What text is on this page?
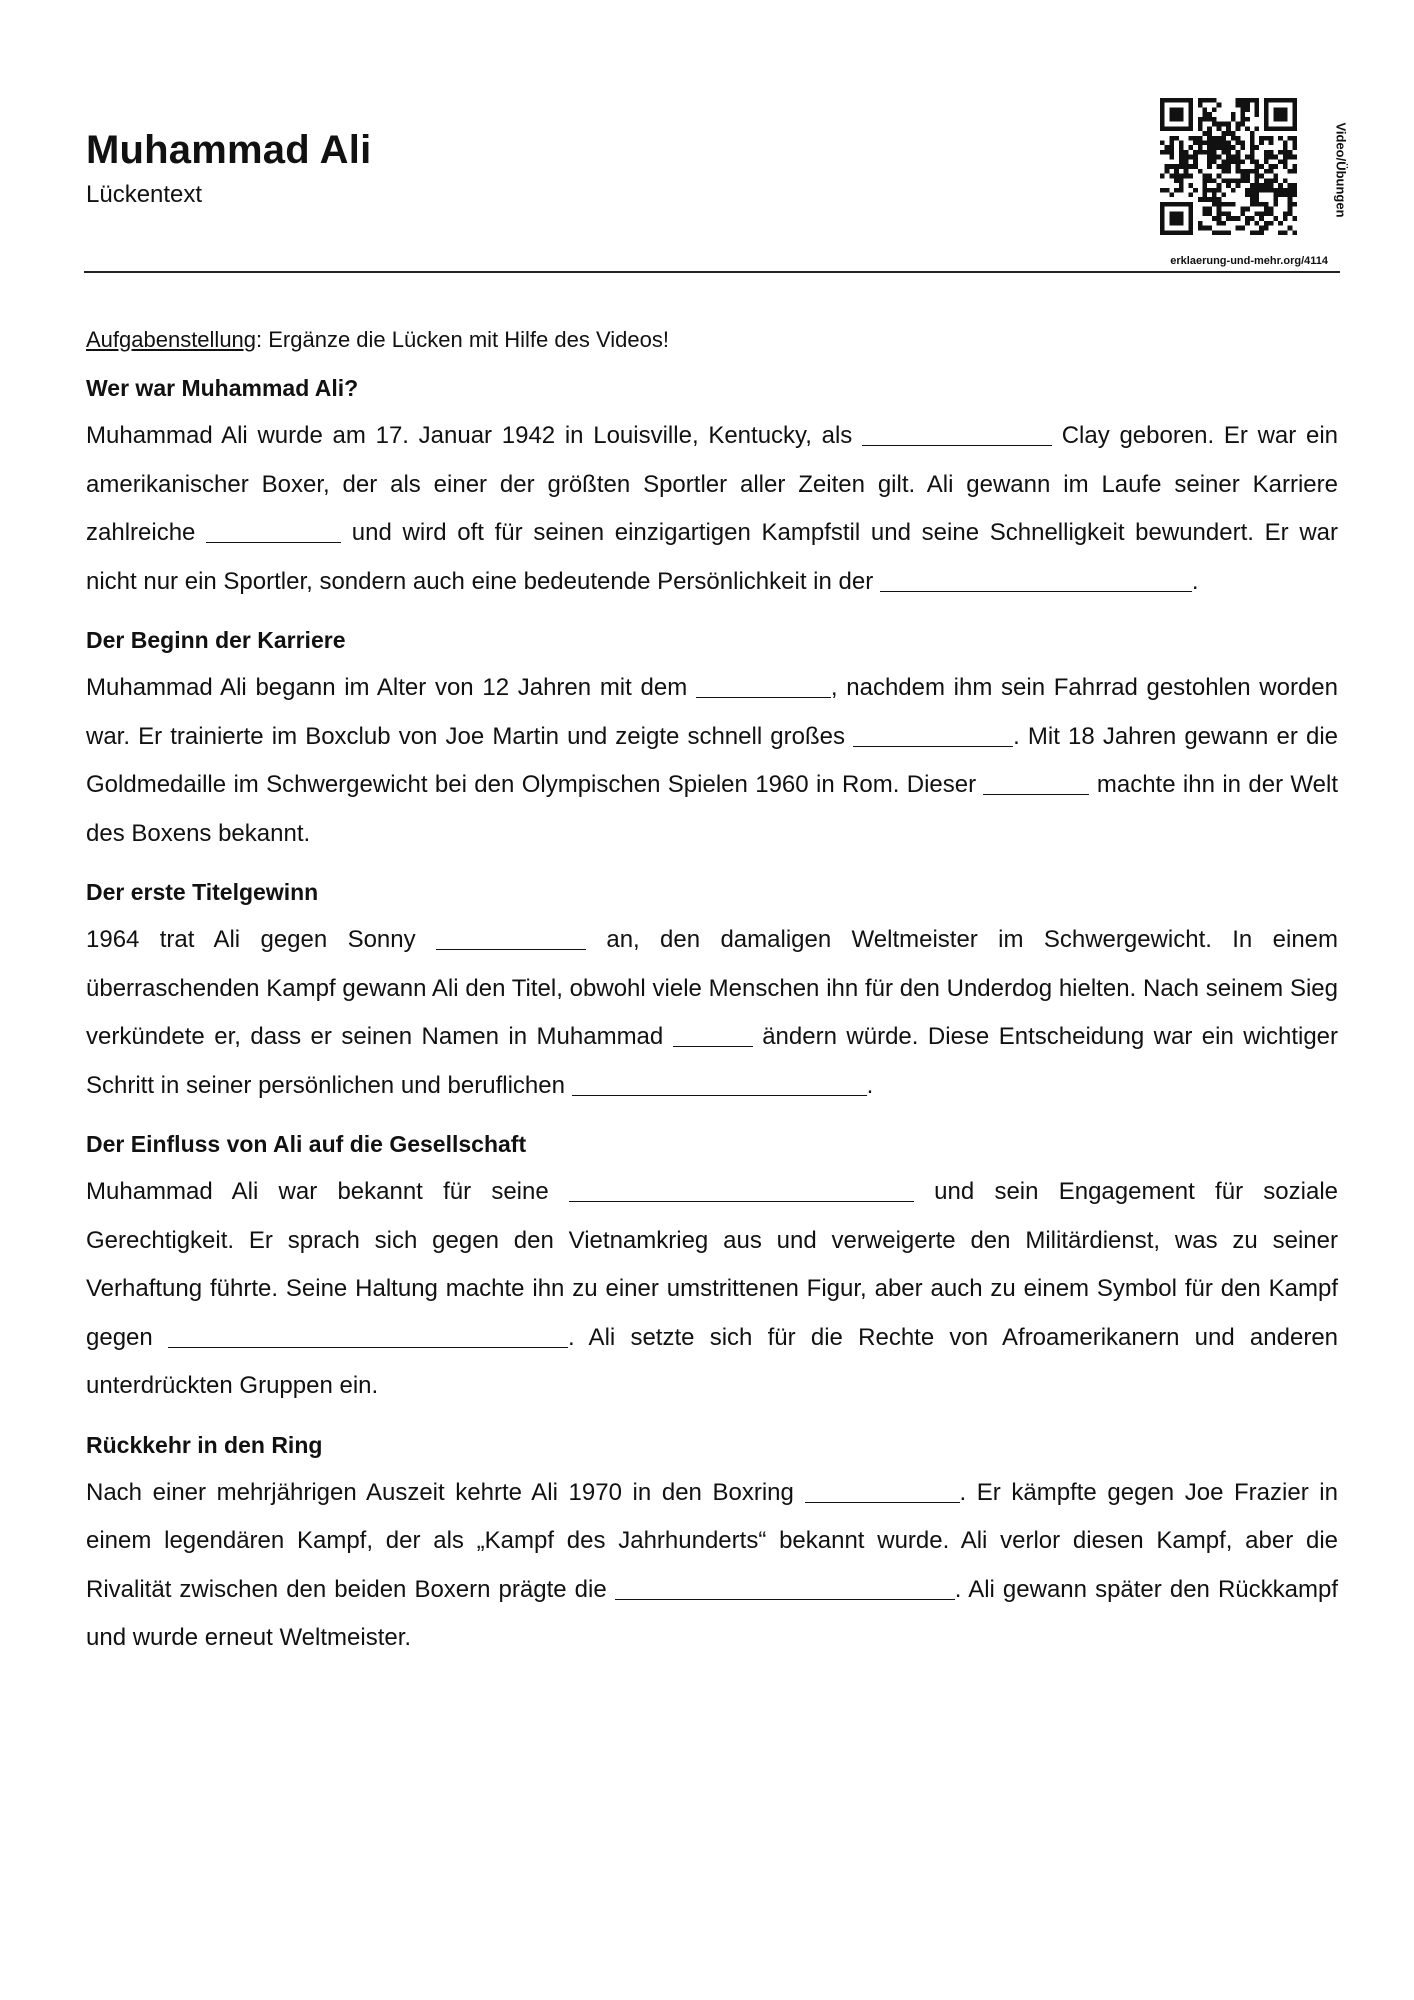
Muhammad Ali
Lückentext	Video/Übungen
erklaerung-und-mehr.org/4114

Aufgabenstellung: Ergänze die Lücken mit Hilfe des Videos!

Wer war Muhammad Ali?

Muhammad Ali wurde am 17. Januar 1942 in Louisville, Kentucky, als	Clay geboren. Er war ein amerikanischer Boxer, der als einer der größten Sportler aller Zeiten gilt. Ali gewann im Laufe seiner Karriere zahlreiche	und wird oft für seinen einzigartigen Kampfstil und seine Schnelligkeit bewundert. Er war nicht nur ein Sportler, sondern auch eine bedeutende Persönlichkeit in der	.

Der Beginn der Karriere

Muhammad Ali begann im Alter von 12 Jahren mit dem	, nachdem ihm sein Fahrrad gestohlen worden war. Er trainierte im Boxclub von Joe Martin und zeigte schnell großes	. Mit 18 Jahren gewann er die Goldmedaille im Schwergewicht bei den Olympischen Spielen 1960 in Rom. Dieser	machte ihn in der Welt des Boxens bekannt.

Der erste Titelgewinn

1964 trat Ali gegen Sonny	an, den damaligen Weltmeister im Schwergewicht. In einem überraschenden Kampf gewann Ali den Titel, obwohl viele Menschen ihn für den Underdog hielten. Nach seinem Sieg verkündete er, dass er seinen Namen in Muhammad	ändern würde. Diese Entscheidung war ein wichtiger Schritt in seiner persönlichen und beruflichen	.

Der Einfluss von Ali auf die Gesellschaft

Muhammad Ali war bekannt für seine	und sein Engagement für soziale Gerechtigkeit. Er sprach sich gegen den Vietnamkrieg aus und verweigerte den Militärdienst, was zu seiner Verhaftung führte. Seine Haltung machte ihn zu einer umstrittenen Figur, aber auch zu einem Symbol für den Kampf gegen	. Ali setzte sich für die Rechte von Afroamerikanern und anderen unterdrückten Gruppen ein.

Rückkehr in den Ring

Nach einer mehrjährigen Auszeit kehrte Ali 1970 in den Boxring	. Er kämpfte gegen Joe Frazier in einem legendären Kampf, der als „Kampf des Jahrhunderts“ bekannt wurde. Ali verlor diesen Kampf, aber die Rivalität zwischen den beiden Boxern prägte die	. Ali gewann später den Rückkampf und wurde erneut Weltmeister.
